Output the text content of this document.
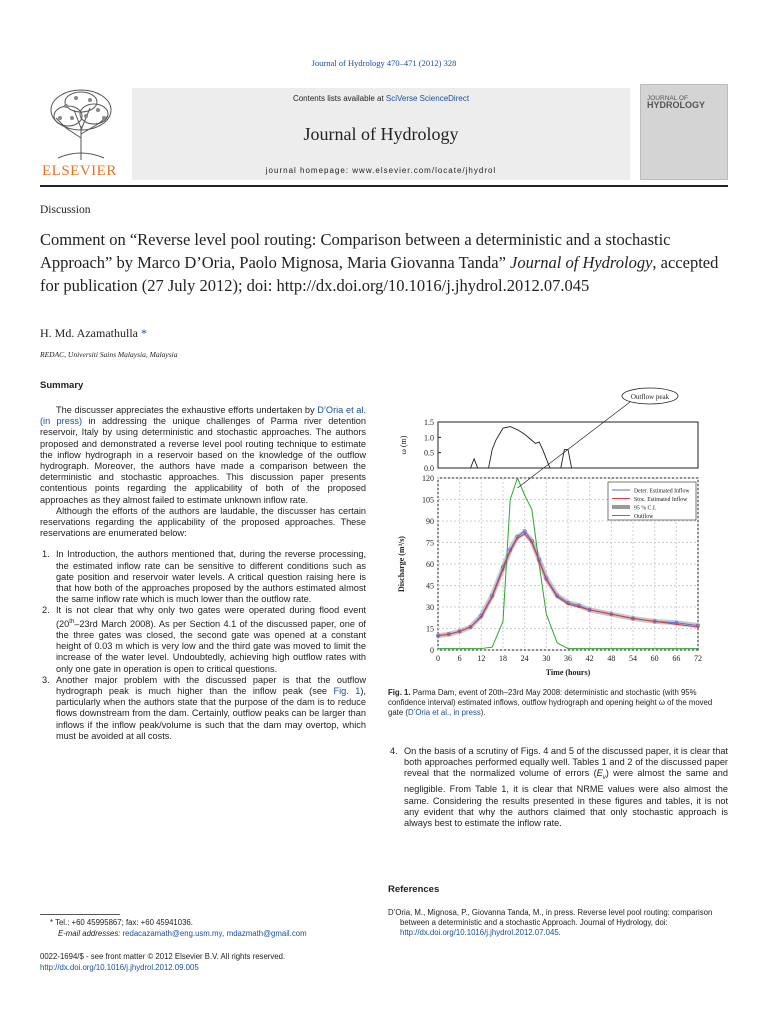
Journal of Hydrology 470–471 (2012) 328
ELSEVIER
Contents lists available at SciVerse ScienceDirect
Journal of Hydrology
journal homepage: www.elsevier.com/locate/jhydrol
JOURNAL OF
HYDROLOGY
Discussion
Comment on “Reverse level pool routing: Comparison between a deterministic and a stochastic Approach” by Marco D’Oria, Paolo Mignosa, Maria Giovanna Tanda” Journal of Hydrology, accepted for publication (27 July 2012); doi: http://dx.doi.org/10.1016/j.jhydrol.2012.07.045
H. Md. Azamathulla *
REDAC, Universiti Sains Malaysia, Malaysia
Summary

The discusser appreciates the exhaustive efforts undertaken by D’Oria et al. (in press) in addressing the unique challenges of Parma river detention reservoir, Italy by using deterministic and stochastic approaches. The authors proposed and demonstrated a reverse level pool routing technique to estimate the inflow hydrograph in a reservoir based on the knowledge of the outflow hydrograph. Moreover, the authors have made a comparison between the deterministic and stochastic approaches. This discussion paper presents contentious points regarding the applicability of both of the proposed approaches as they almost failed to estimate unknown inflow rate.

Although the efforts of the authors are laudable, the discusser has certain reservations regarding the applicability of the proposed approaches. These reservations are enumerated below:

1. In Introduction, the authors mentioned that, during the reverse processing, the estimated inflow rate can be sensitive to different conditions such as gate position and reservoir water levels. A critical question raising here is that how both of the approaches proposed by the authors estimated almost the same inflow rate which is much lower than the outflow rate.
2. It is not clear that why only two gates were operated during flood event (20th–23rd March 2008). As per Section 4.1 of the discussed paper, one of the three gates was closed, the second gate was opened at a constant height of 0.03 m which is very low and the third gate was moved to limit the increase of the water level. Undoubtedly, achieving high outflow rates with only one gate in operation is open to critical questions.
3. Another major problem with the discussed paper is that the outflow hydrograph peak is much higher than the inflow peak (see Fig. 1), particularly when the authors state that the purpose of the dam is to reduce flows downstream from the dam. Certainly, outflow peaks can be larger than inflows if the inflow peak/volume is such that the dam may overtop, which must be avoided at all costs.
* Tel.: +60 45995867; fax: +60 45941036.
E-mail addresses: redacazamath@eng.usm.my, mdazmath@gmail.com
0022-1694/$ - see front matter © 2012 Elsevier B.V. All rights reserved.
http://dx.doi.org/10.1016/j.jhydrol.2012.09.005
1.5
1.0
0.5
0.0
ω (m)
120
105
90
75
60
45
30
15
0
0 6 12 18 24 30 36 42 48 54 60 66 72
Time (hours)
Discharge (m³/s)
Deter. Estimated Inflow
Stoc. Estimated Inflow
95 % C.I.
Outflow
Outflow peak
Fig. 1. Parma Dam, event of 20th–23rd May 2008: deterministic and stochastic (with 95% confidence interval) estimated inflows, outflow hydrograph and opening height ω of the moved gate (D’Oria et al., in press).
4. On the basis of a scrutiny of Figs. 4 and 5 of the discussed paper, it is clear that both approaches performed equally well. Tables 1 and 2 of the discussed paper reveal that the normalized volume of errors $(E_v)$ were almost the same and negligible. From Table 1, it is clear that NRME values were also almost the same. Considering the results presented in these figures and tables, it is not any evident that why the authors claimed that only stochastic approach is always best to estimate the inflow rate.
References
D’Oria, M., Mignosa, P., Giovanna Tanda, M., in press. Reverse level pool routing: comparison between a deterministic and a stochastic Approach. Journal of Hydrology, doi: http://dx.doi.org/10.1016/j.jhydrol.2012.07.045.
